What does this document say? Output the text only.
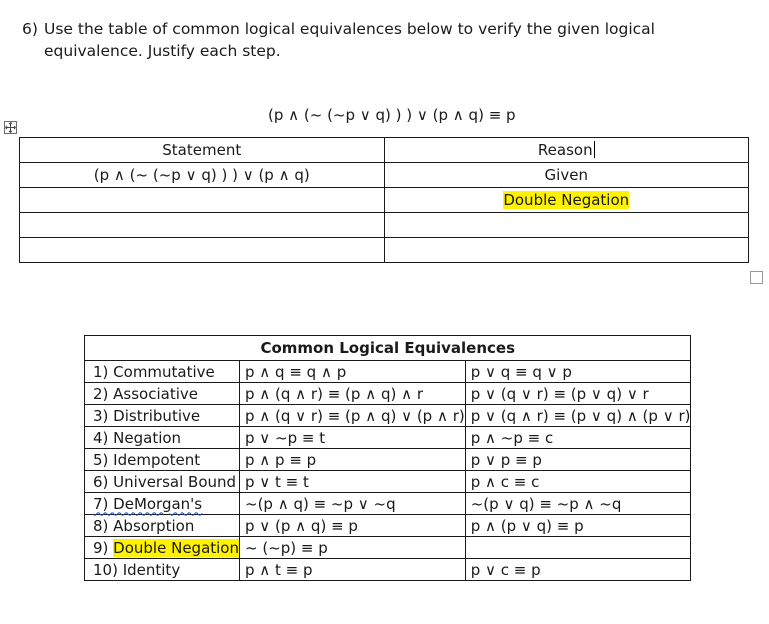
6) Use the table of common logical equivalences below to verify the given logical equivalence. Justify each step.
(p ∧ (~ (~p ∨ q) ) ) ∨ (p ∧ q) ≡ p
Statement	Reason
(p ∧ (~ (~p ∨ q) ) ) ∨ (p ∧ q)	Given
	Double Negation

Common Logical Equivalences		
1) Commutative	p ∧ q ≡ q ∧ p	p ∨ q ≡ q ∨ p
2) Associative	p ∧ (q ∧ r) ≡ (p ∧ q) ∧ r	p ∨ (q ∨ r) ≡ (p ∨ q) ∨ r
3) Distributive	p ∧ (q ∨ r) ≡ (p ∧ q) ∨ (p ∧ r)	p ∨ (q ∧ r) ≡ (p ∨ q) ∧ (p ∨ r)
4) Negation	p ∨ ~p ≡ t	p ∧ ~p ≡ c
5) Idempotent	p ∧ p ≡ p	p ∨ p ≡ p
6) Universal Bound	p ∨ t ≡ t	p ∧ c ≡ c
7) DeMorgan's	~(p ∧ q) ≡ ~p ∨ ~q	~(p ∨ q) ≡ ~p ∧ ~q
8) Absorption	p ∨ (p ∧ q) ≡ p	p ∧ (p ∨ q) ≡ p
9) Double Negation	~ (~p) ≡ p	
10) Identity	p ∧ t ≡ p	p ∨ c ≡ p
